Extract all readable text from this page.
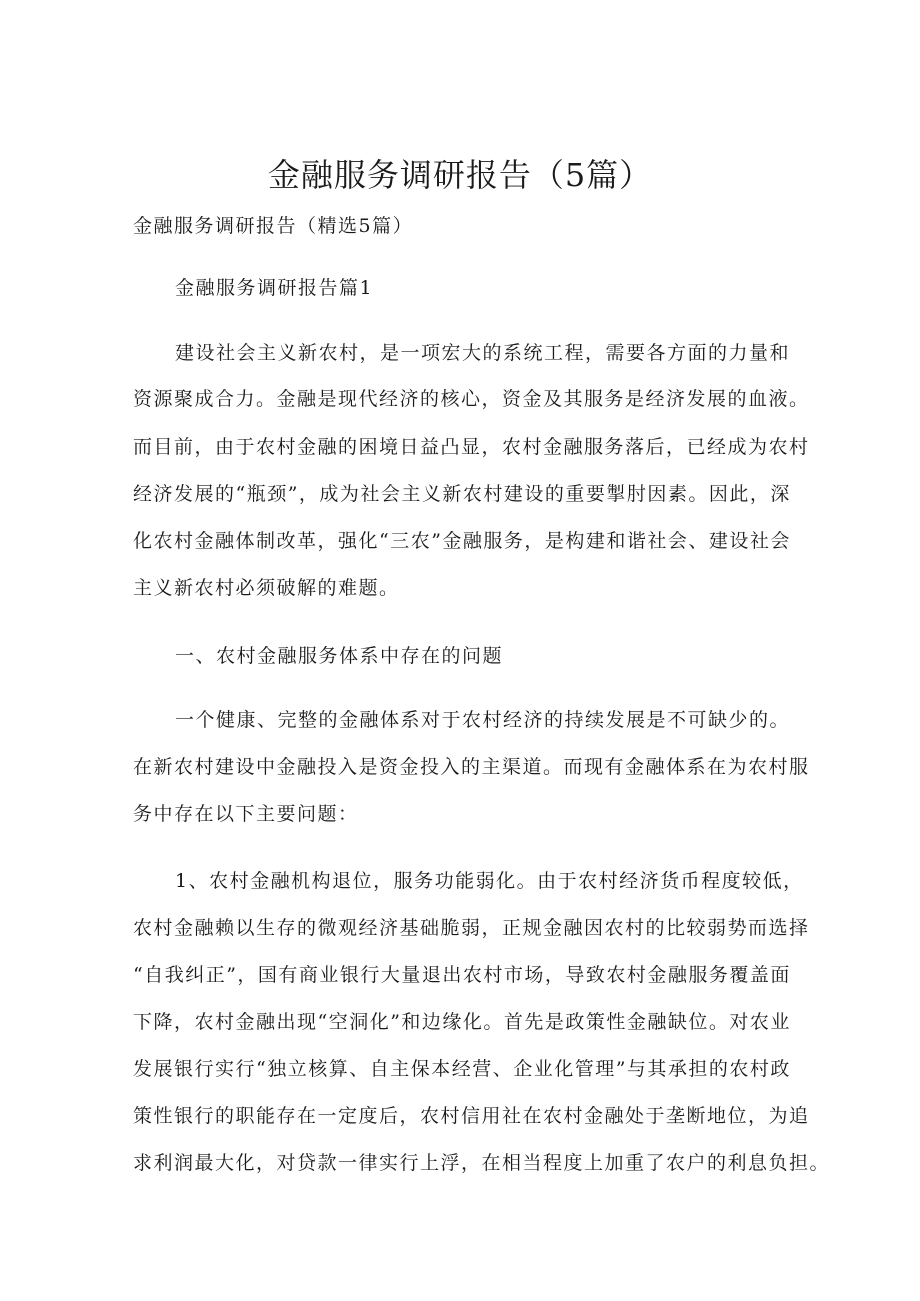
金融服务调研报告（5篇）

金融服务调研报告（精选5篇）

金融服务调研报告篇1

建设社会主义新农村，是一项宏大的系统工程，需要各方面的力量和

资源聚成合力。金融是现代经济的核心，资金及其服务是经济发展的血液。

而目前，由于农村金融的困境日益凸显，农村金融服务落后，已经成为农村

经济发展的“瓶颈”，成为社会主义新农村建设的重要掣肘因素。因此，深

化农村金融体制改革，强化“三农”金融服务，是构建和谐社会、建设社会

主义新农村必须破解的难题。

一、农村金融服务体系中存在的问题

一个健康、完整的金融体系对于农村经济的持续发展是不可缺少的。

在新农村建设中金融投入是资金投入的主渠道。而现有金融体系在为农村服

务中存在以下主要问题：

1、农村金融机构退位，服务功能弱化。由于农村经济货币程度较低，

农村金融赖以生存的微观经济基础脆弱，正规金融因农村的比较弱势而选择

“自我纠正”，国有商业银行大量退出农村市场，导致农村金融服务覆盖面

下降，农村金融出现“空洞化”和边缘化。首先是政策性金融缺位。对农业

发展银行实行“独立核算、自主保本经营、企业化管理”与其承担的农村政

策性银行的职能存在一定度后，农村信用社在农村金融处于垄断地位，为追

求利润最大化，对贷款一律实行上浮，在相当程度上加重了农户的利息负担。
